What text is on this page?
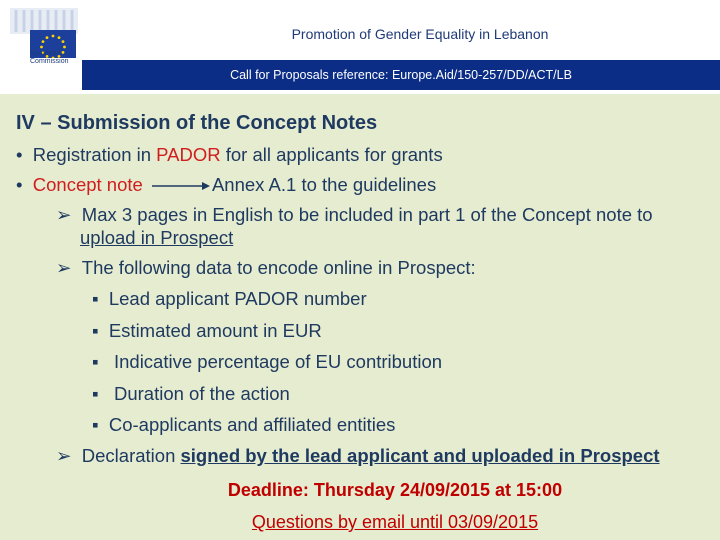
European Commission
Promotion of Gender Equality in Lebanon
Call for Proposals reference: Europe.Aid/150-257/DD/ACT/LB
IV – Submission of the Concept Notes
•  Registration in PADOR for all applicants for grants
•  Concept note	Annex A.1 to the guidelines
➢  Max 3 pages in English to be included in part 1 of the Concept note to
upload in Prospect
➢  The following data to encode online in Prospect:
▪  Lead applicant PADOR number
▪  Estimated amount in EUR
▪   Indicative percentage of EU contribution
▪   Duration of the action
▪  Co-applicants and affiliated entities
➢  Declaration signed by the lead applicant and uploaded in Prospect
Deadline: Thursday 24/09/2015 at 15:00
Questions by email until 03/09/2015
